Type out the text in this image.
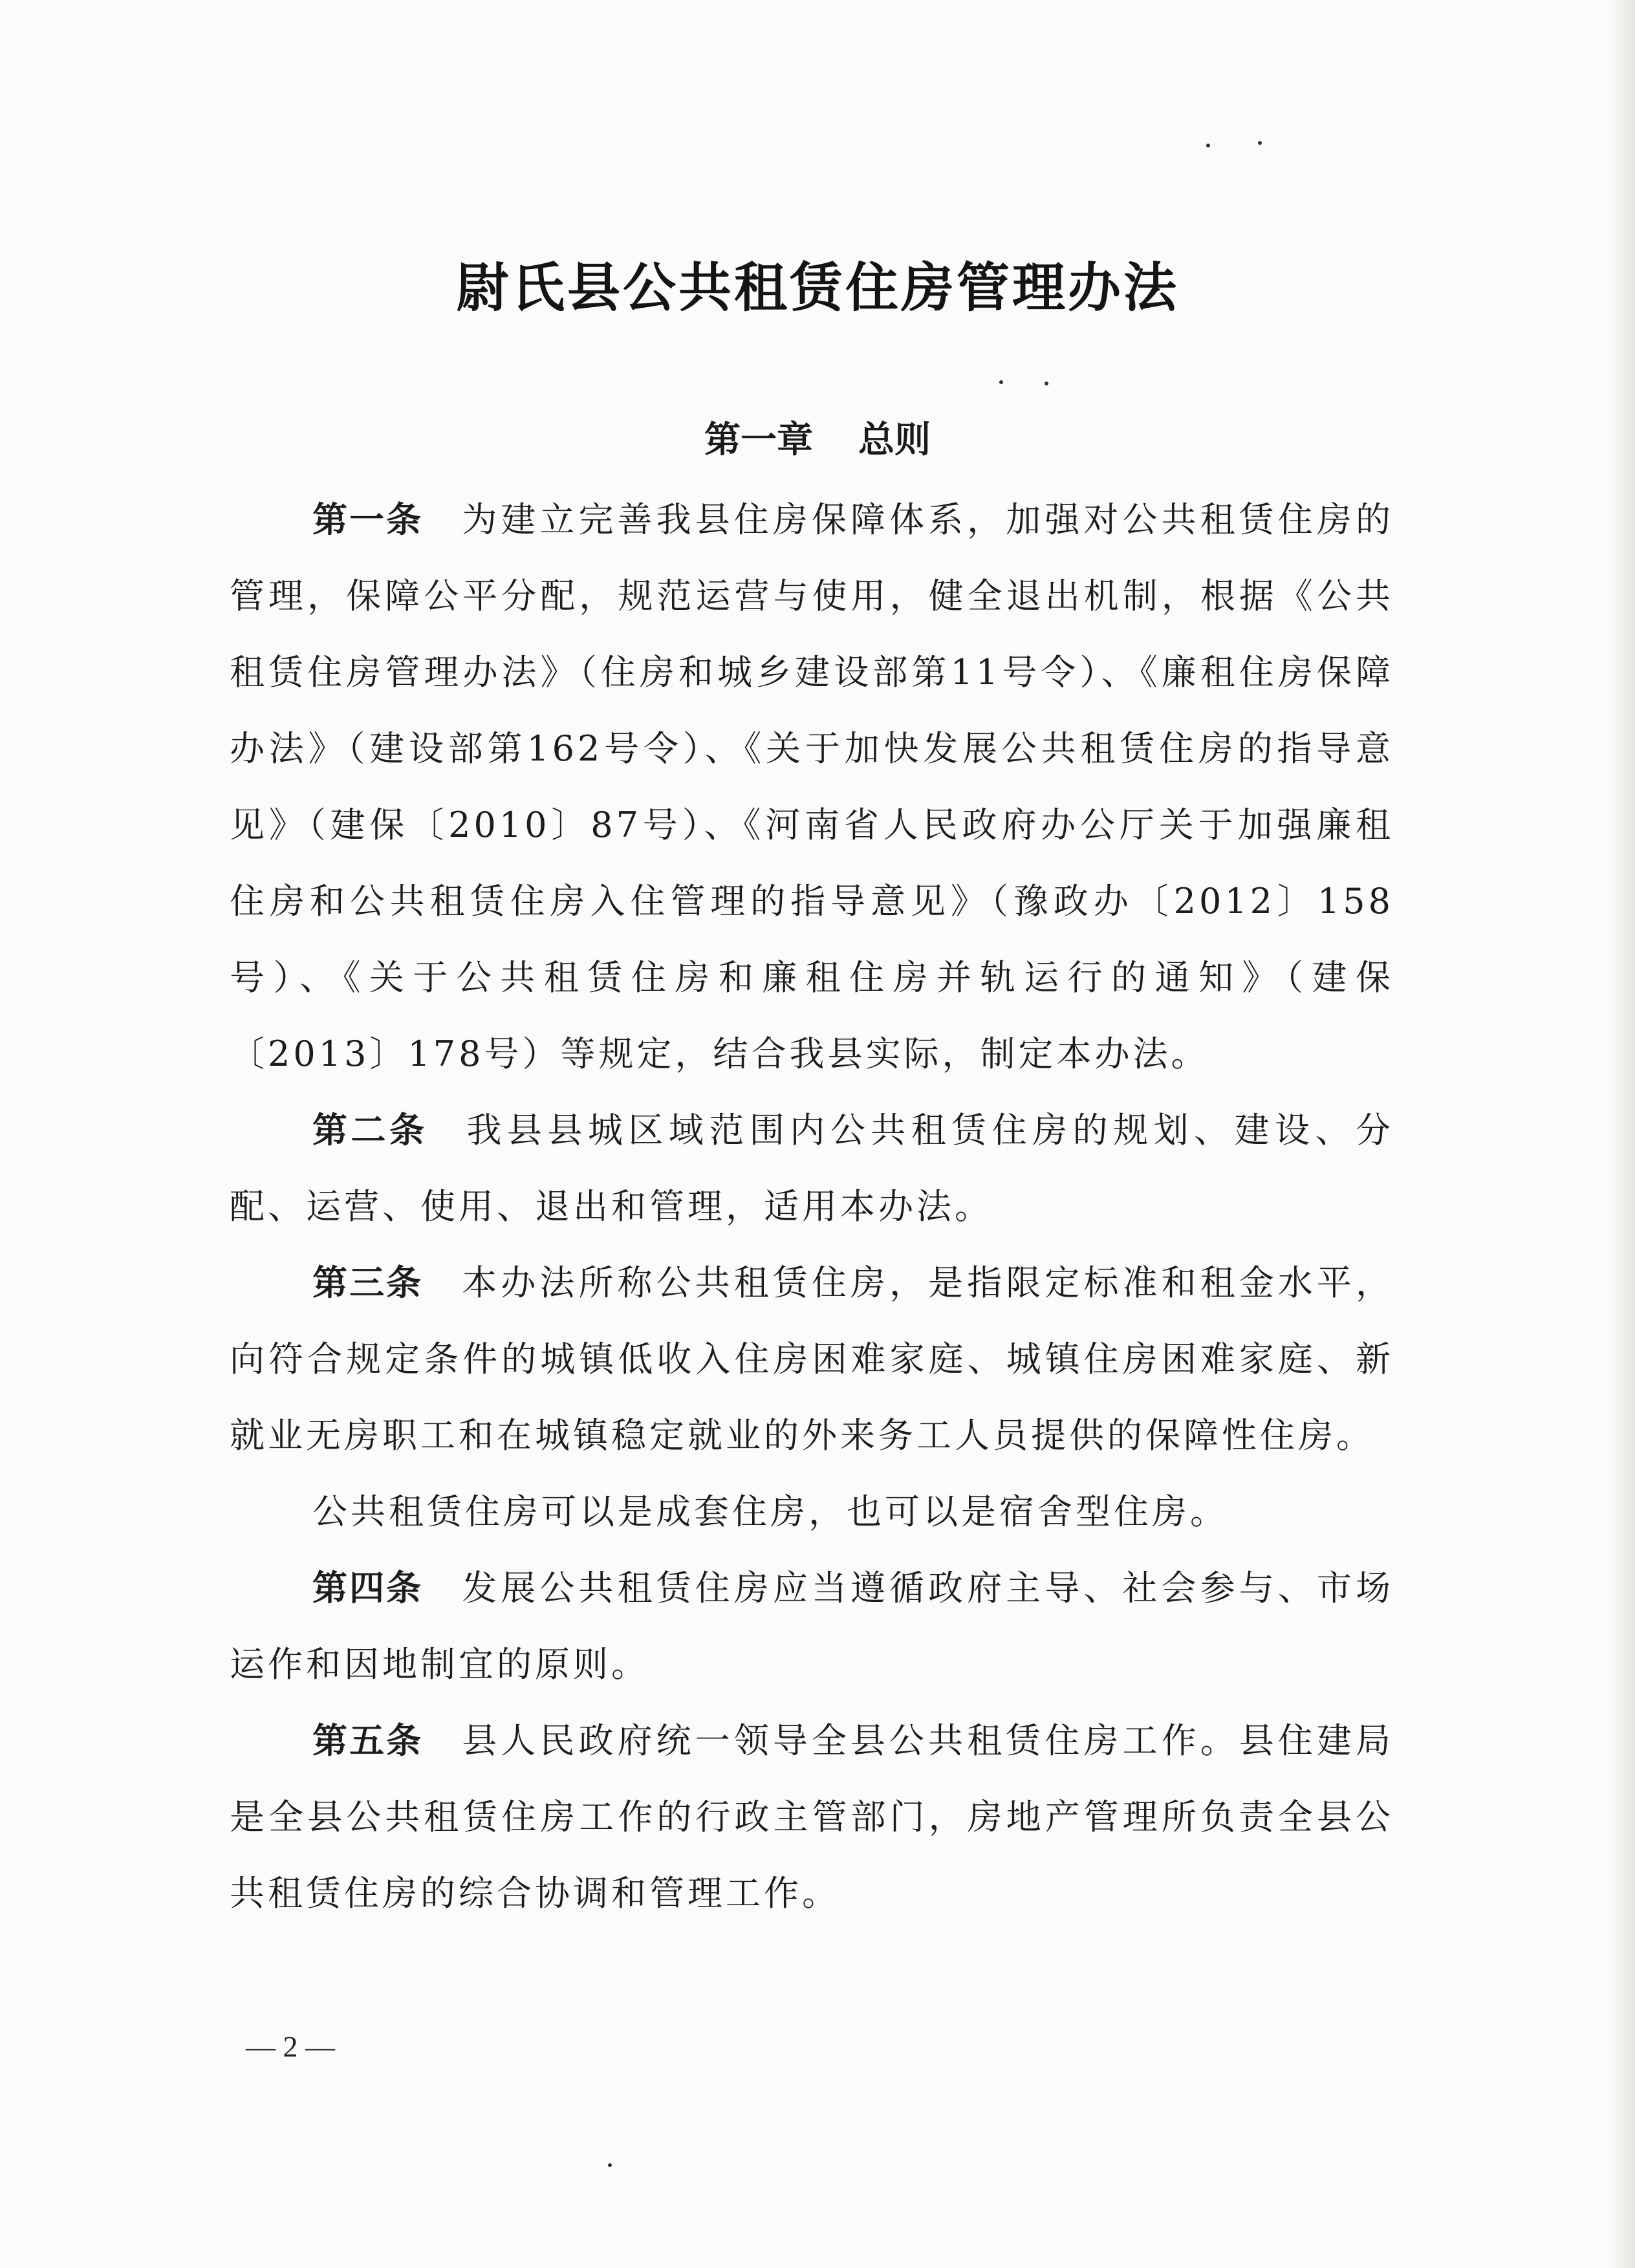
尉氏县公共租赁住房管理办法
第一章 总则

第一条 为建立完善我县住房保障体系，加强对公共租赁住房的管理，保障公平分配，规范运营与使用，健全退出机制，根据《公共租赁住房管理办法》（住房和城乡建设部第11号令）、《廉租住房保障办法》（建设部第162号令）、《关于加快发展公共租赁住房的指导意见》（建保〔2010〕87号）、《河南省人民政府办公厅关于加强廉租住房和公共租赁住房入住管理的指导意见》（豫政办〔2012〕158号）、《关于公共租赁住房和廉租住房并轨运行的通知》（建保〔2013〕178号）等规定，结合我县实际，制定本办法。

第二条 我县县城区域范围内公共租赁住房的规划、建设、分配、运营、使用、退出和管理，适用本办法。

第三条 本办法所称公共租赁住房，是指限定标准和租金水平，向符合规定条件的城镇低收入住房困难家庭、城镇住房困难家庭、新就业无房职工和在城镇稳定就业的外来务工人员提供的保障性住房。

公共租赁住房可以是成套住房，也可以是宿舍型住房。

第四条 发展公共租赁住房应当遵循政府主导、社会参与、市场运作和因地制宜的原则。

第五条 县人民政府统一领导全县公共租赁住房工作。县住建局是全县公共租赁住房工作的行政主管部门，房地产管理所负责全县公共租赁住房的综合协调和管理工作。

— 2 —
